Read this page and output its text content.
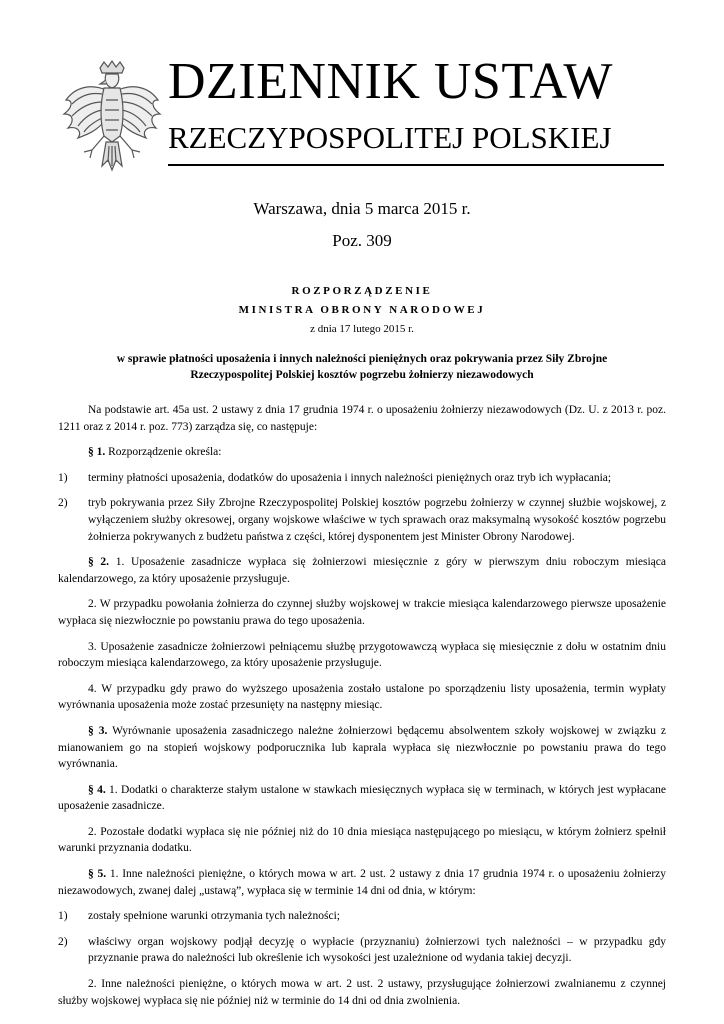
DZIENNIK USTAW
RZECZYPOSPOLITEJ POLSKIEJ
Warszawa, dnia 5 marca 2015 r.
Poz. 309
ROZPORZĄDZENIE
MINISTRA OBRONY NARODOWEJ
z dnia 17 lutego 2015 r.
w sprawie płatności uposażenia i innych należności pieniężnych oraz pokrywania przez Siły Zbrojne Rzeczypospolitej Polskiej kosztów pogrzebu żołnierzy niezawodowych

Na podstawie art. 45a ust. 2 ustawy z dnia 17 grudnia 1974 r. o uposażeniu żołnierzy niezawodowych (Dz. U. z 2013 r. poz. 1211 oraz z 2014 r. poz. 773) zarządza się, co następuje:

§ 1. Rozporządzenie określa:

1)	terminy płatności uposażenia, dodatków do uposażenia i innych należności pieniężnych oraz tryb ich wypłacania;
2)	tryb pokrywania przez Siły Zbrojne Rzeczypospolitej Polskiej kosztów pogrzebu żołnierzy w czynnej służbie wojskowej, z wyłączeniem służby okresowej, organy wojskowe właściwe w tych sprawach oraz maksymalną wysokość kosztów pogrzebu żołnierza pokrywanych z budżetu państwa z części, której dysponentem jest Minister Obrony Narodowej.

§ 2. 1. Uposażenie zasadnicze wypłaca się żołnierzowi miesięcznie z góry w pierwszym dniu roboczym miesiąca kalendarzowego, za który uposażenie przysługuje.

2. W przypadku powołania żołnierza do czynnej służby wojskowej w trakcie miesiąca kalendarzowego pierwsze uposażenie wypłaca się niezwłocznie po powstaniu prawa do tego uposażenia.

3. Uposażenie zasadnicze żołnierzowi pełniącemu służbę przygotowawczą wypłaca się miesięcznie z dołu w ostatnim dniu roboczym miesiąca kalendarzowego, za który uposażenie przysługuje.

4. W przypadku gdy prawo do wyższego uposażenia zostało ustalone po sporządzeniu listy uposażenia, termin wypłaty wyrównania uposażenia może zostać przesunięty na następny miesiąc.

§ 3. Wyrównanie uposażenia zasadniczego należne żołnierzowi będącemu absolwentem szkoły wojskowej w związku z mianowaniem go na stopień wojskowy podporucznika lub kaprala wypłaca się niezwłocznie po powstaniu prawa do tego wyrównania.

§ 4. 1. Dodatki o charakterze stałym ustalone w stawkach miesięcznych wypłaca się w terminach, w których jest wypłacane uposażenie zasadnicze.

2. Pozostałe dodatki wypłaca się nie później niż do 10 dnia miesiąca następującego po miesiącu, w którym żołnierz spełnił warunki przyznania dodatku.

§ 5. 1. Inne należności pieniężne, o których mowa w art. 2 ust. 2 ustawy z dnia 17 grudnia 1974 r. o uposażeniu żołnierzy niezawodowych, zwanej dalej „ustawą”, wypłaca się w terminie 14 dni od dnia, w którym:

1)	zostały spełnione warunki otrzymania tych należności;
2)	właściwy organ wojskowy podjął decyzję o wypłacie (przyznaniu) żołnierzowi tych należności – w przypadku gdy przyznanie prawa do należności lub określenie ich wysokości jest uzależnione od wydania takiej decyzji.

2. Inne należności pieniężne, o których mowa w art. 2 ust. 2 ustawy, przysługujące żołnierzowi zwalnianemu z czynnej służby wojskowej wypłaca się nie później niż w terminie do 14 dni od dnia zwolnienia.
